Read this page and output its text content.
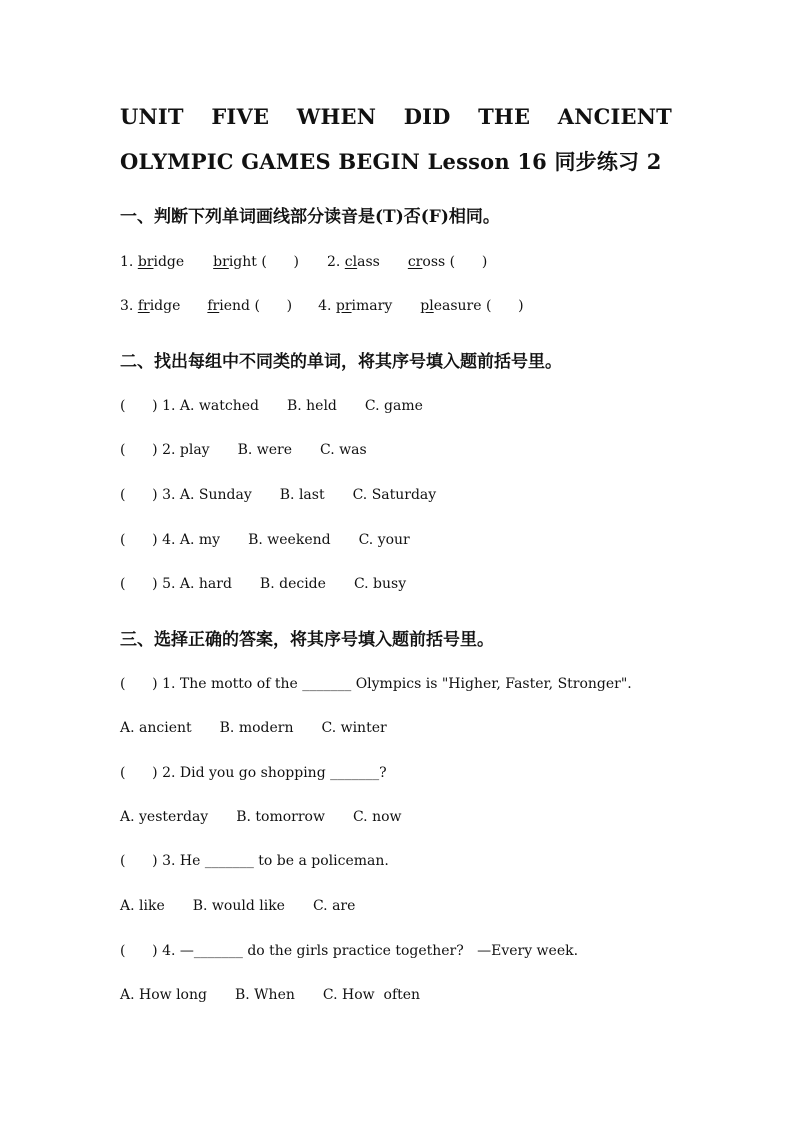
UNIT FIVE WHEN DID THE ANCIENT
OLYMPIC GAMES BEGIN Lesson 16 同步练习 2
一、判断下列单词画线部分读音是(T)否(F)相同。
1. bridge bright (      ) 2. class cross (      )
3. fridge friend (      ) 4. primary pleasure (      )
二、找出每组中不同类的单词，将其序号填入题前括号里。
(      ) 1. A. watched B. held C. game
(      ) 2. play B. were C. was
(      ) 3. A. Sunday B. last C. Saturday
(      ) 4. A. my B. weekend C. your
(      ) 5. A. hard B. decide C. busy
三、选择正确的答案，将其序号填入题前括号里。
(      ) 1. The motto of the _______ Olympics is "Higher, Faster, Stronger".
A. ancient B. modern C. winter
(      ) 2. Did you go shopping _______?
A. yesterday B. tomorrow C. now
(      ) 3. He _______ to be a policeman.
A. like B. would like C. are
(      ) 4. —_______ do the girls practice together?   —Every week.
A. How long B. When C. How  often
